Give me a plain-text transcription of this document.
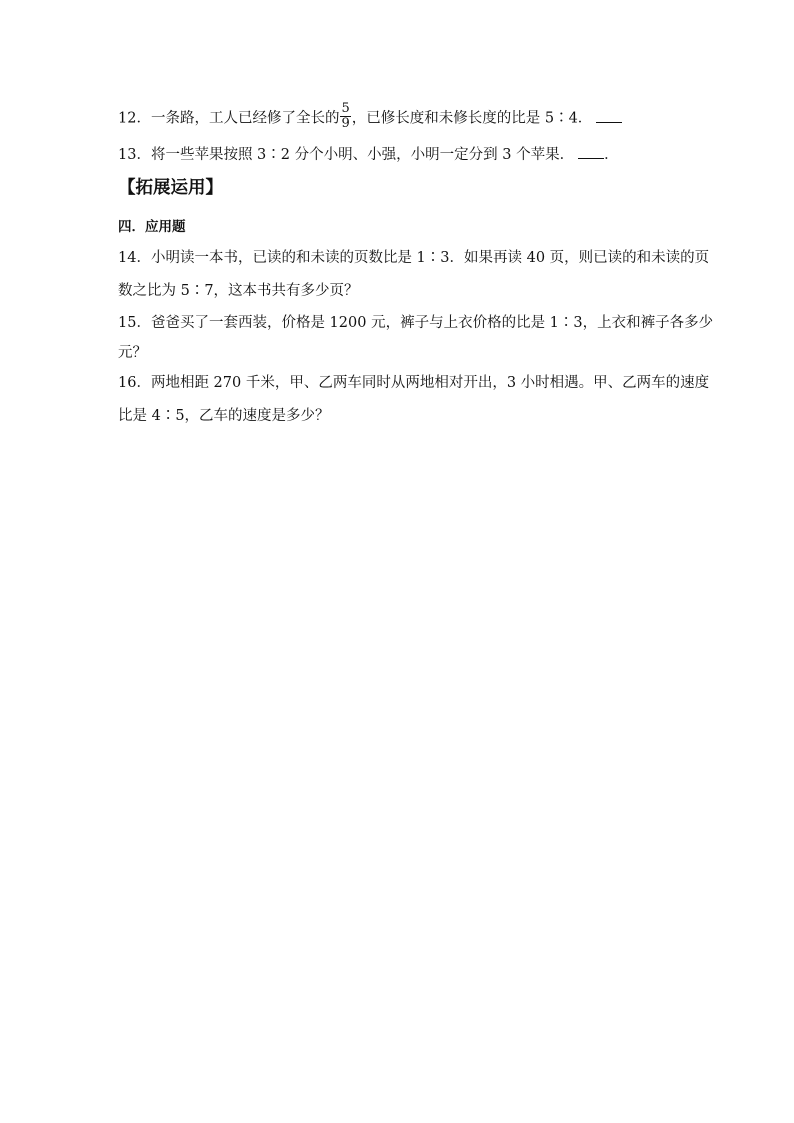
12．一条路，工人已经修了全长的 $\frac{5}{9}$ ，已修长度和未修长度的比是 5∶4．
13．将一些苹果按照 3∶2 分个小明、小强，小明一定分到 3 个苹果． ．
【拓展运用】
四．应用题
14．小明读一本书，已读的和未读的页数比是 1∶3．如果再读 40 页，则已读的和未读的页
数之比为 5∶7，这本书共有多少页？
15．爸爸买了一套西装，价格是 1200 元，裤子与上衣价格的比是 1∶3，上衣和裤子各多少
元？
16．两地相距 270 千米，甲、乙两车同时从两地相对开出，3 小时相遇。甲、乙两车的速度
比是 4∶5，乙车的速度是多少？
